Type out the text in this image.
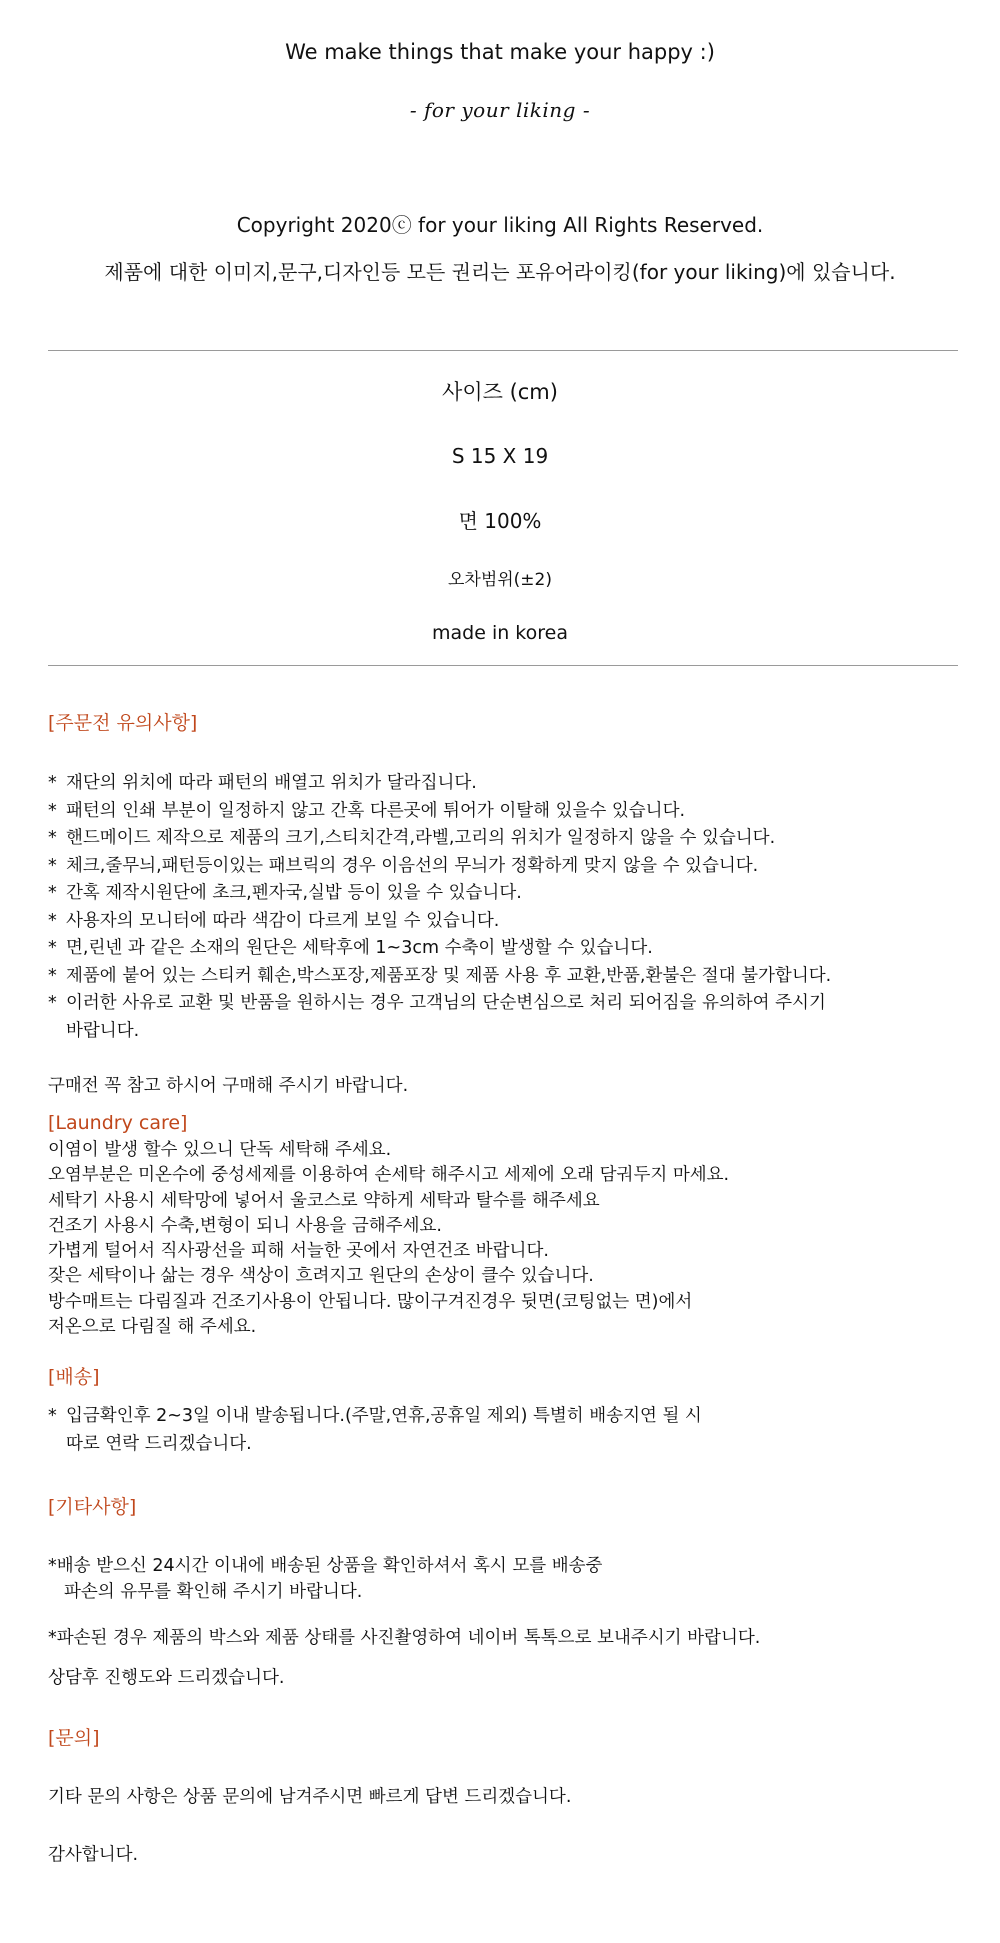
We make things that make your happy :)
- for your liking -
Copyright 2020ⓒ for your liking All Rights Reserved.
제품에 대한 이미지,문구,디자인등 모든 권리는 포유어라이킹(for your liking)에 있습니다.
사이즈 (cm)
S 15 X 19
면 100%
오차범위(±2)
made in korea
[주문전 유의사항]
* 재단의 위치에 따라 패턴의 배열고 위치가 달라집니다.
* 패턴의 인쇄 부분이 일정하지 않고 간혹 다른곳에 튀어가 이탈해 있을수 있습니다.
* 핸드메이드 제작으로 제품의 크기,스티치간격,라벨,고리의 위치가 일정하지 않을 수 있습니다.
* 체크,줄무늬,패턴등이있는 패브릭의 경우 이음선의 무늬가 정확하게 맞지 않을 수 있습니다.
* 간혹 제작시원단에 초크,펜자국,실밥 등이 있을 수 있습니다.
* 사용자의 모니터에 따라 색감이 다르게 보일 수 있습니다.
* 면,린넨 과 같은 소재의 원단은 세탁후에 1~3cm 수축이 발생할 수 있습니다.
* 제품에 붙어 있는 스티커 훼손,박스포장,제품포장 및 제품 사용 후 교환,반품,환불은 절대 불가합니다.
* 이러한 사유로 교환 및 반품을 원하시는 경우 고객님의 단순변심으로 처리 되어짐을 유의하여 주시기
바랍니다.
구매전 꼭 참고 하시어 구매해 주시기 바랍니다.
[Laundry care]
이염이 발생 할수 있으니 단독 세탁해 주세요.
오염부분은 미온수에 중성세제를 이용하여 손세탁 해주시고 세제에 오래 담궈두지 마세요.
세탁기 사용시 세탁망에 넣어서 울코스로 약하게 세탁과 탈수를 해주세요
건조기 사용시 수축,변형이 되니 사용을 금해주세요.
가볍게 털어서 직사광선을 피해 서늘한 곳에서 자연건조 바랍니다.
잦은 세탁이나 삶는 경우 색상이 흐려지고 원단의 손상이 클수 있습니다.
방수매트는 다림질과 건조기사용이 안됩니다. 많이구겨진경우 뒷면(코팅없는 면)에서
저온으로 다림질 해 주세요.
[배송]
* 입금확인후 2~3일 이내 발송됩니다.(주말,연휴,공휴일 제외) 특별히 배송지연 될 시
따로 연락 드리겠습니다.
[기타사항]
*배송 받으신 24시간 이내에 배송된 상품을 확인하셔서 혹시 모를 배송중
파손의 유무를 확인해 주시기 바랍니다.
*파손된 경우 제품의 박스와 제품 상태를 사진촬영하여 네이버 톡톡으로 보내주시기 바랍니다.
상담후 진행도와 드리겠습니다.
[문의]
기타 문의 사항은 상품 문의에 남겨주시면 빠르게 답변 드리겠습니다.
감사합니다.
